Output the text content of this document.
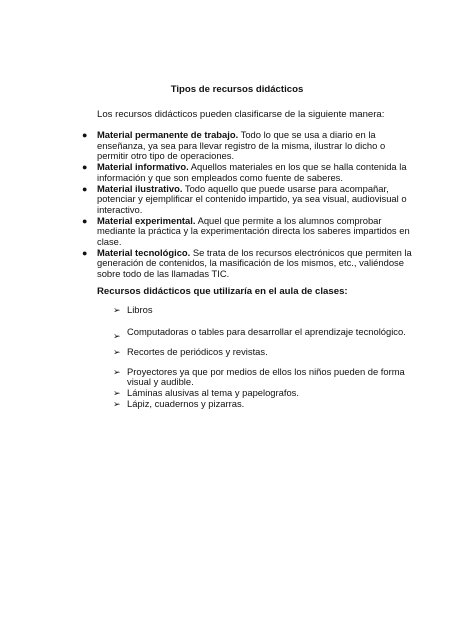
Tipos de recursos didácticos

Los recursos didácticos pueden clasificarse de la siguiente manera:

● Material permanente de trabajo. Todo lo que se usa a diario en la enseñanza, ya sea para llevar registro de la misma, ilustrar lo dicho o permitir otro tipo de operaciones.
● Material informativo. Aquellos materiales en los que se halla contenida la información y que son empleados como fuente de saberes.
● Material ilustrativo. Todo aquello que puede usarse para acompañar, potenciar y ejemplificar el contenido impartido, ya sea visual, audiovisual o interactivo.
● Material experimental. Aquel que permite a los alumnos comprobar mediante la práctica y la experimentación directa los saberes impartidos en clase.
● Material tecnológico. Se trata de los recursos electrónicos que permiten la generación de contenidos, la masificación de los mismos, etc., valiéndose sobre todo de las llamadas TIC.

Recursos didácticos que utilizaría en el aula de clases:

➢ Libros
➢ Computadoras o tables para desarrollar el aprendizaje tecnológico.
➢ Recortes de periódicos y revistas.
➢ Proyectores ya que por medios de ellos los niños pueden de forma visual y audible.
➢ Láminas alusivas al tema y papelografos.
➢ Lápiz, cuadernos y pizarras.
